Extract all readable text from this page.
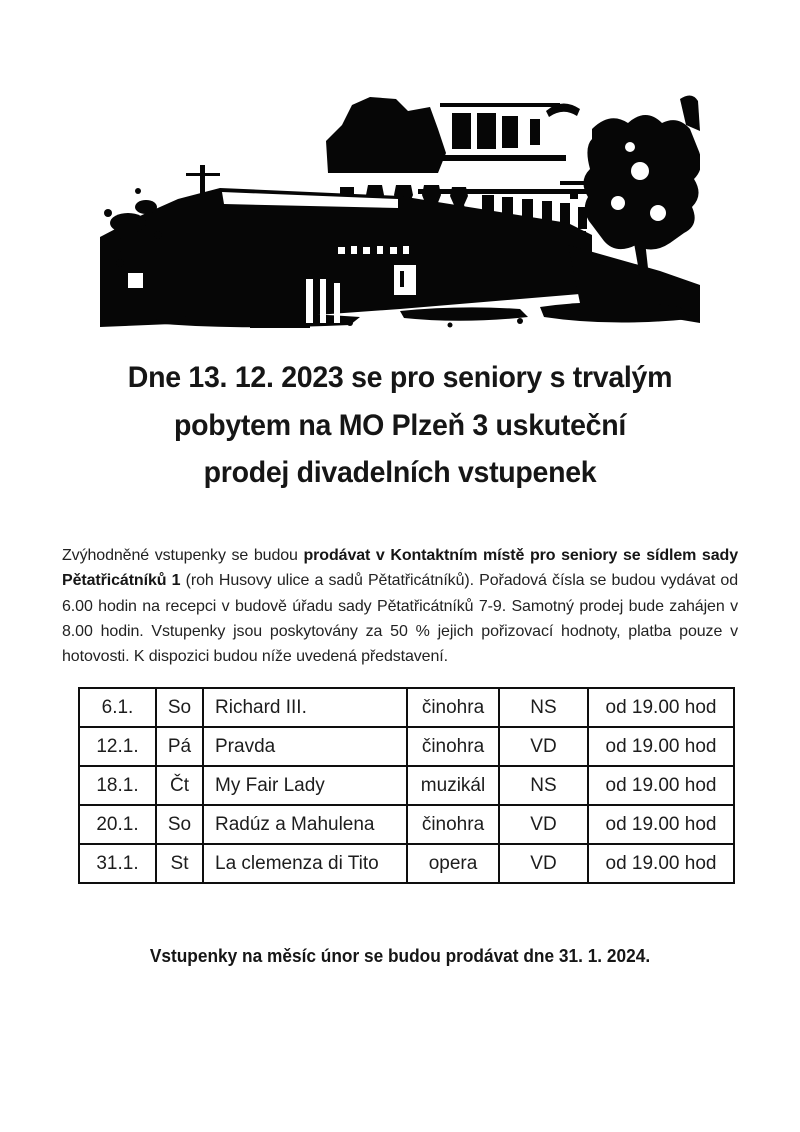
Dne 13. 12. 2023 se pro seniory s trvalým
pobytem na MO Plzeň 3 uskuteční
prodej divadelních vstupenek

Zvýhodněné vstupenky se budou prodávat v Kontaktním místě pro seniory se sídlem sady Pětatřicátníků 1 (roh Husovy ulice a sadů Pětatřicátníků). Pořadová čísla se budou vydávat od 6.00 hodin na recepci v budově úřadu sady Pětatřicátníků 7-9. Samotný prodej bude zahájen v 8.00 hodin. Vstupenky jsou poskytovány za 50 % jejich pořizovací hodnoty, platba pouze v hotovosti. K dispozici budou níže uvedená představení.

6.1.	So	Richard III.	činohra	NS	od 19.00 hod
12.1.	Pá	Pravda	činohra	VD	od 19.00 hod
18.1.	Čt	My Fair Lady	muzikál	NS	od 19.00 hod
20.1.	So	Radúz a Mahulena	činohra	VD	od 19.00 hod
31.1.	St	La clemenza di Tito	opera	VD	od 19.00 hod
Vstupenky na měsíc únor se budou prodávat dne 31. 1. 2024.
